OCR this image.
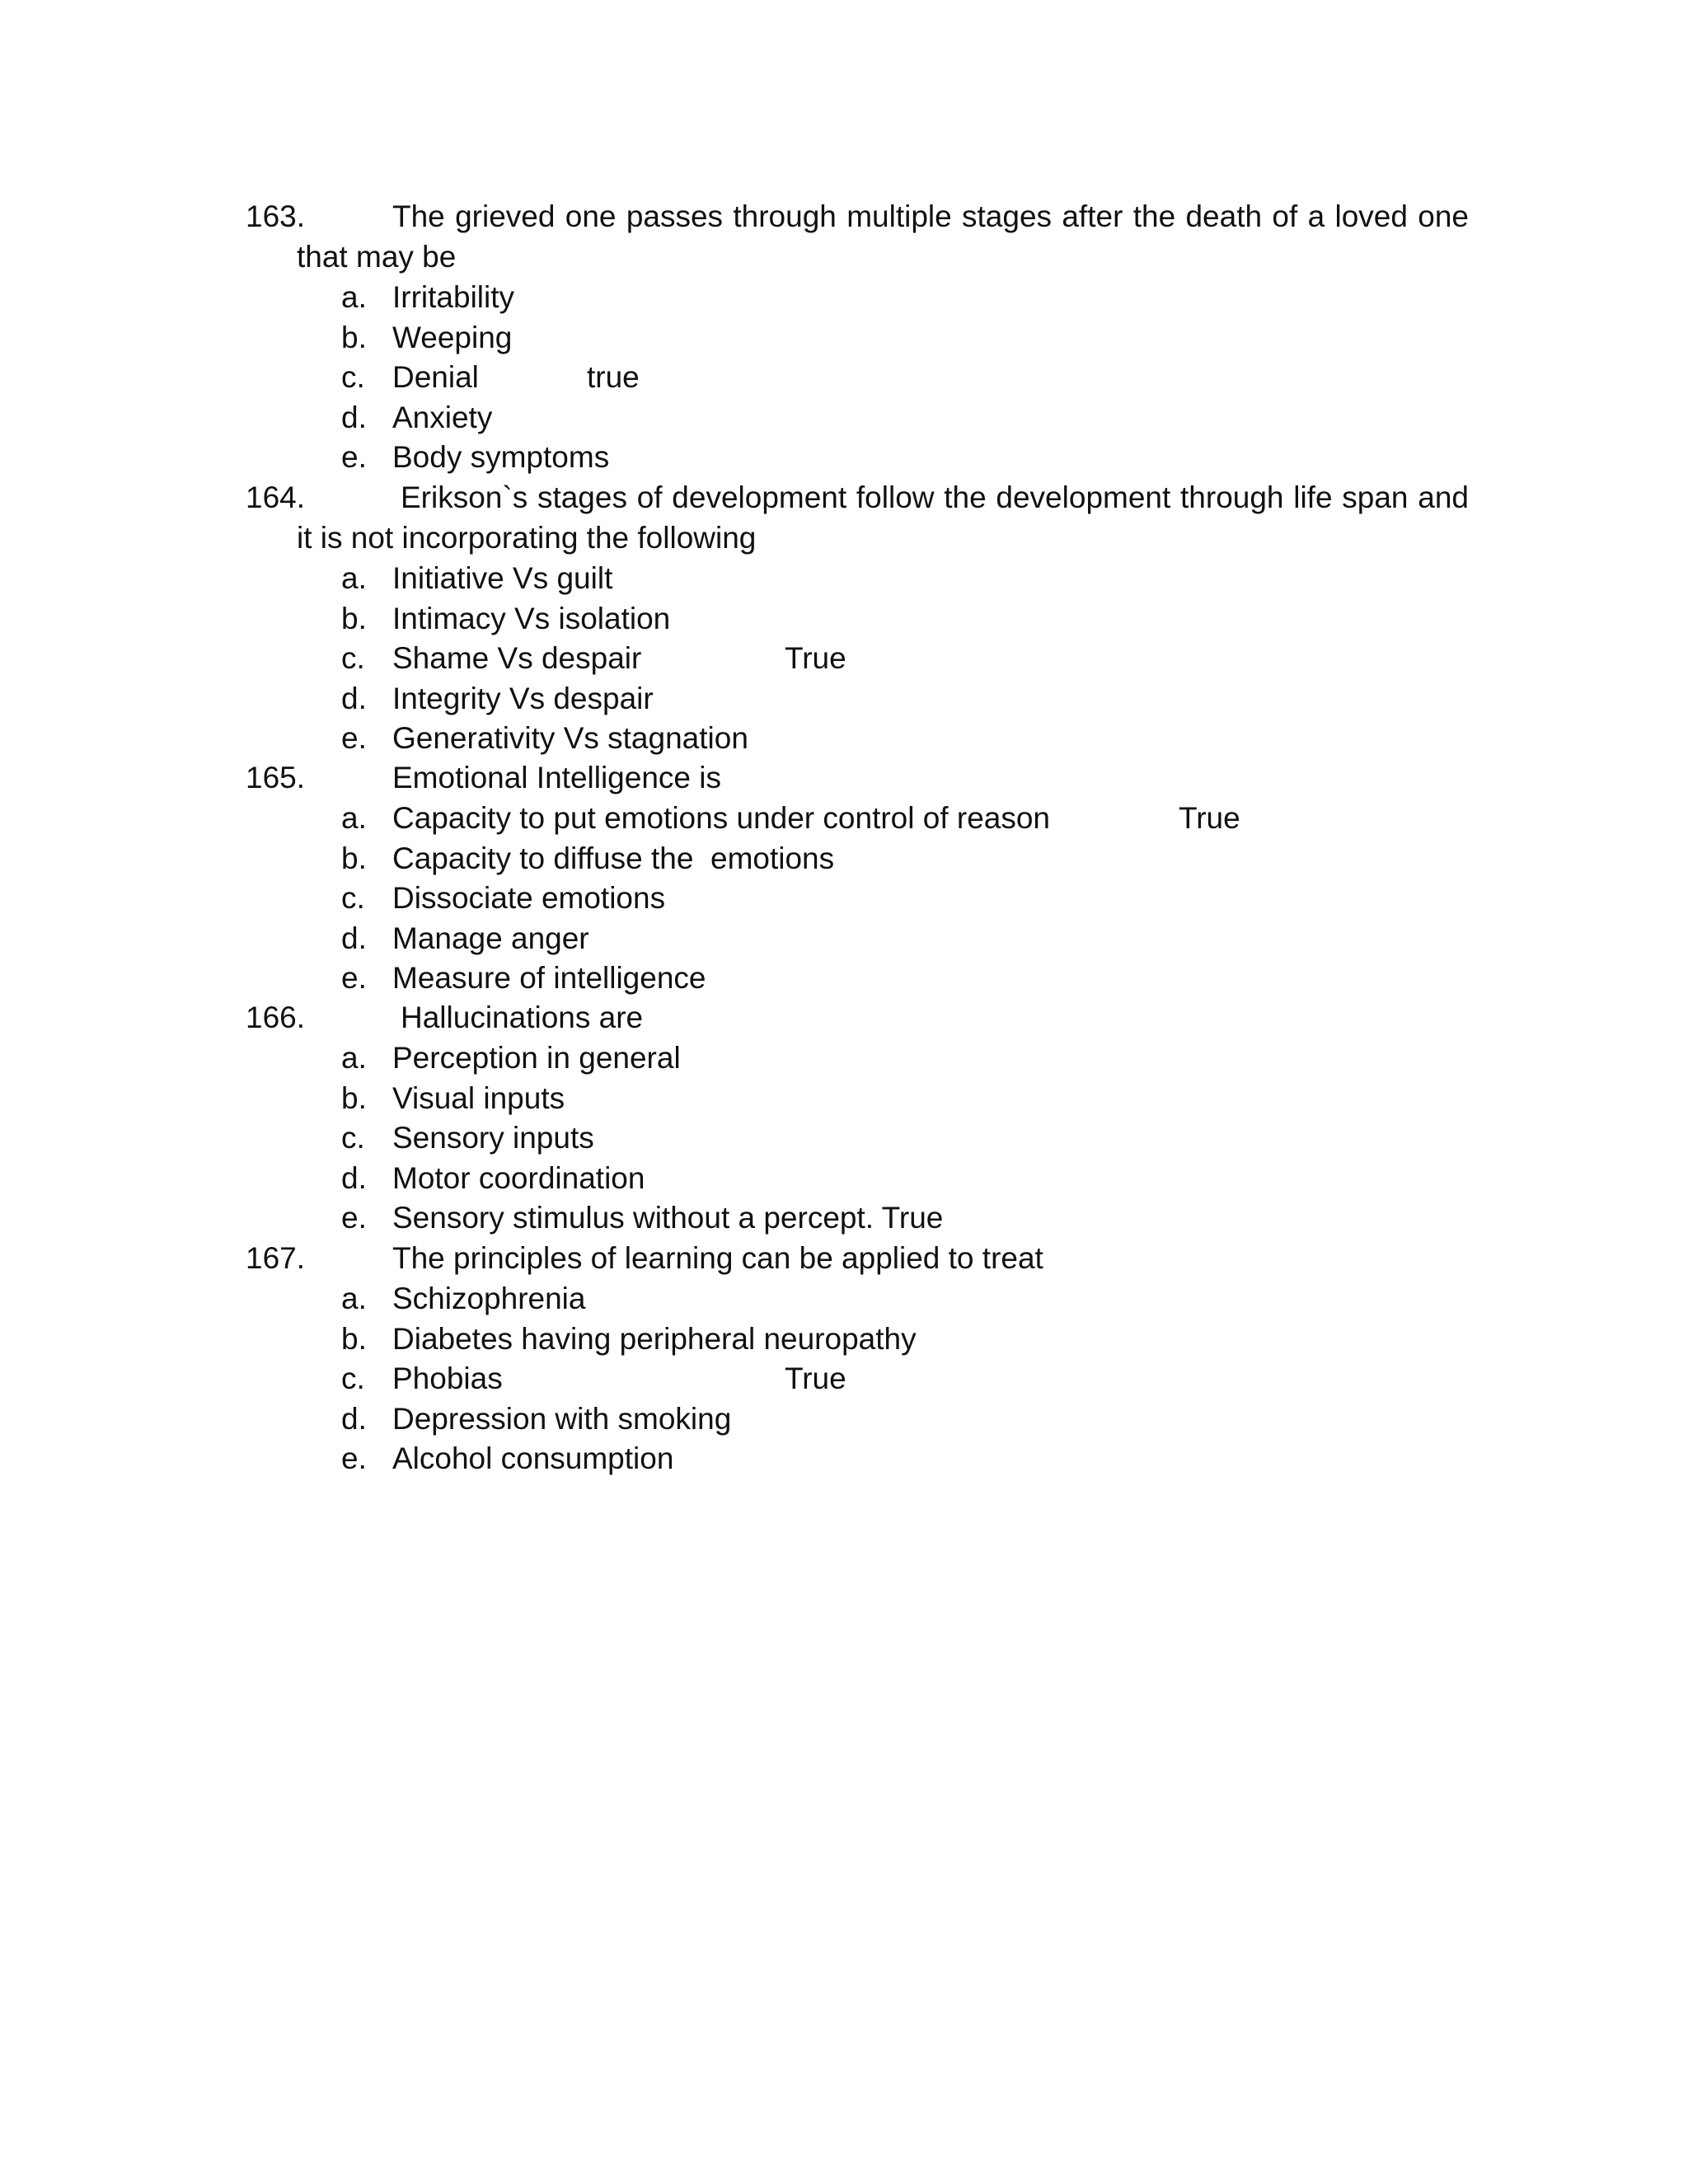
163.	The grieved one passes through multiple stages after the death of a loved one
that may be
a. Irritability
b. Weeping
c. Denial	true
d. Anxiety
e. Body symptoms
164.	Erikson`s stages of development follow the development through life span and
it is not incorporating the following
a. Initiative Vs guilt
b. Intimacy Vs isolation
c. Shame Vs despair	True
d. Integrity Vs despair
e. Generativity Vs stagnation
165.	Emotional Intelligence is
a. Capacity to put emotions under control of reason	True
b. Capacity to diffuse the  emotions
c. Dissociate emotions
d. Manage anger
e. Measure of intelligence
166.	Hallucinations are
a. Perception in general
b. Visual inputs
c. Sensory inputs
d. Motor coordination
e. Sensory stimulus without a percept. True
167.	The principles of learning can be applied to treat
a. Schizophrenia
b. Diabetes having peripheral neuropathy
c. Phobias	True
d. Depression with smoking
e. Alcohol consumption
